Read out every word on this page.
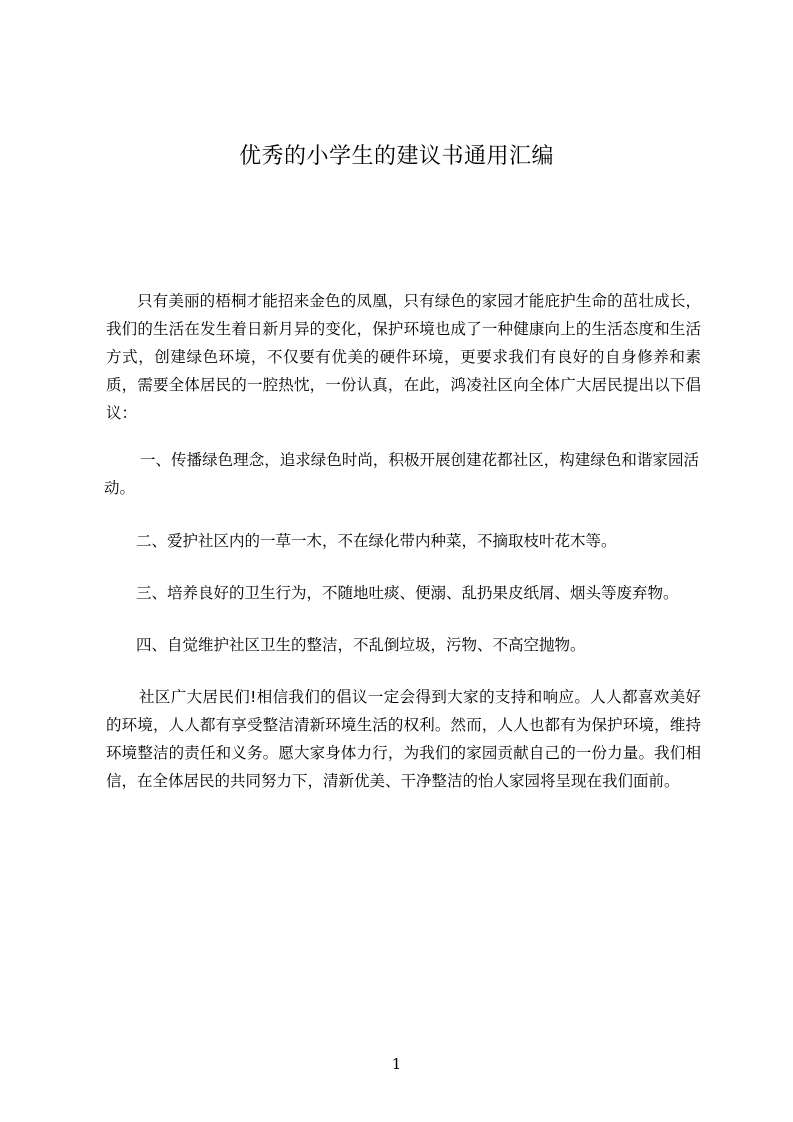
优秀的小学生的建议书通用汇编

只有美丽的梧桐才能招来金色的凤凰，只有绿色的家园才能庇护生命的茁壮成长，我们的生活在发生着日新月异的变化，保护环境也成了一种健康向上的生活态度和生活方式，创建绿色环境，不仅要有优美的硬件环境，更要求我们有良好的自身修养和素质，需要全体居民的一腔热忱，一份认真，在此，鸿凌社区向全体广大居民提出以下倡议：

一、传播绿色理念，追求绿色时尚，积极开展创建花都社区，构建绿色和谐家园活动。

二、爱护社区内的一草一木，不在绿化带内种菜，不摘取枝叶花木等。

三、培养良好的卫生行为，不随地吐痰、便溺、乱扔果皮纸屑、烟头等废弃物。

四、自觉维护社区卫生的整洁，不乱倒垃圾，污物、不高空抛物。

社区广大居民们!相信我们的倡议一定会得到大家的支持和响应。人人都喜欢美好的环境，人人都有享受整洁清新环境生活的权利。然而，人人也都有为保护环境，维持环境整洁的责任和义务。愿大家身体力行，为我们的家园贡献自己的一份力量。我们相信，在全体居民的共同努力下，清新优美、干净整洁的怡人家园将呈现在我们面前。

1
